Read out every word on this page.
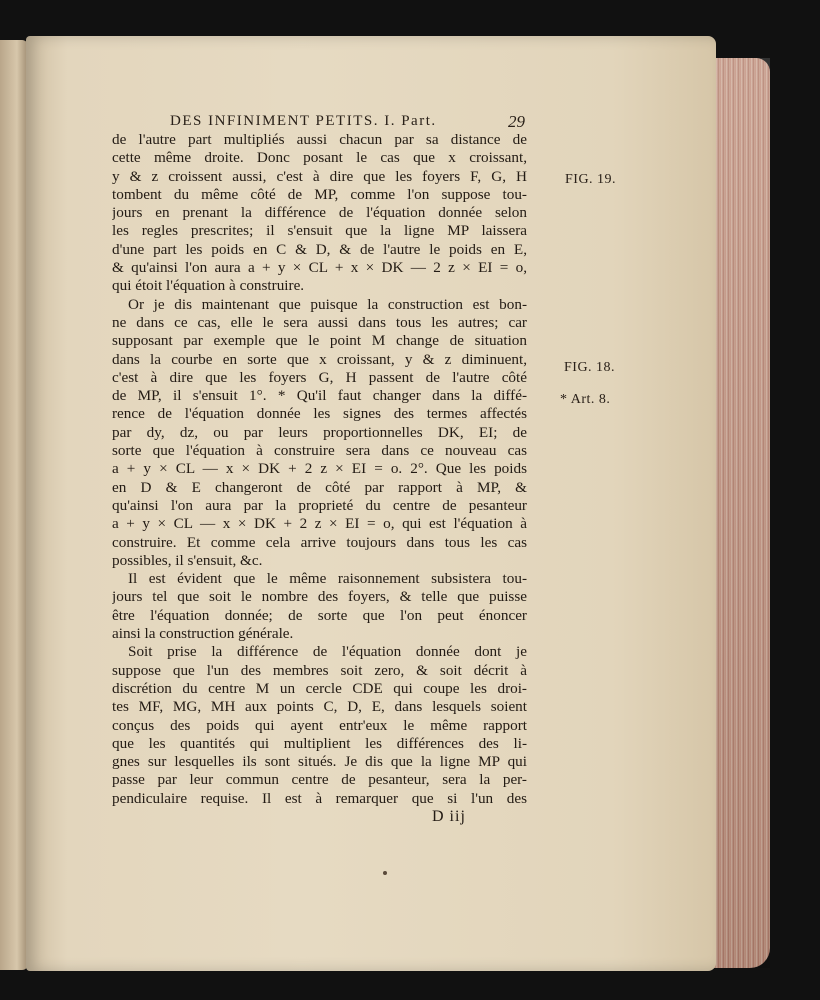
DES INFINIMENT PETITS. I. Part.	29
de l'autre part multipliés aussi chacun par sa distance de
cette même droite. Donc posant le cas que x croissant,
y & z croissent aussi, c'est à dire que les foyers F, G, H
tombent du même côté de MP, comme l'on suppose tou-
jours en prenant la différence de l'équation donnée selon
les regles prescrites; il s'ensuit que la ligne MP laissera
d'une part les poids en C & D, & de l'autre le poids en E,
& qu'ainsi l'on aura a + y × CL + x × DK — 2 z × EI = o,
qui étoit l'équation à construire.
Or je dis maintenant que puisque la construction est bon-
ne dans ce cas, elle le sera aussi dans tous les autres; car
supposant par exemple que le point M change de situation
dans la courbe en sorte que x croissant, y & z diminuent,
c'est à dire que les foyers G, H passent de l'autre côté
de MP, il s'ensuit 1°. * Qu'il faut changer dans la diffé-
rence de l'équation donnée les signes des termes affectés
par dy, dz, ou par leurs proportionnelles DK, EI; de
sorte que l'équation à construire sera dans ce nouveau cas
a + y × CL — x × DK + 2 z × EI = o. 2°. Que les poids
en D & E changeront de côté par rapport à MP, &
qu'ainsi l'on aura par la proprieté du centre de pesanteur
a + y × CL — x × DK + 2 z × EI = o, qui est l'équation à
construire. Et comme cela arrive toujours dans tous les cas
possibles, il s'ensuit, &c.
Il est évident que le même raisonnement subsistera tou-
jours tel que soit le nombre des foyers, & telle que puisse
être l'équation donnée; de sorte que l'on peut énoncer
ainsi la construction générale.
Soit prise la différence de l'équation donnée dont je
suppose que l'un des membres soit zero, & soit décrit à
discrétion du centre M un cercle CDE qui coupe les droi-
tes MF, MG, MH aux points C, D, E, dans lesquels soient
conçus des poids qui ayent entr'eux le même rapport
que les quantités qui multiplient les différences des li-
gnes sur lesquelles ils sont situés. Je dis que la ligne MP qui
passe par leur commun centre de pesanteur, sera la per-
pendiculaire requise. Il est à remarquer que si l'un des
FIG. 19.
FIG. 18.
* Art. 8.
D iij
